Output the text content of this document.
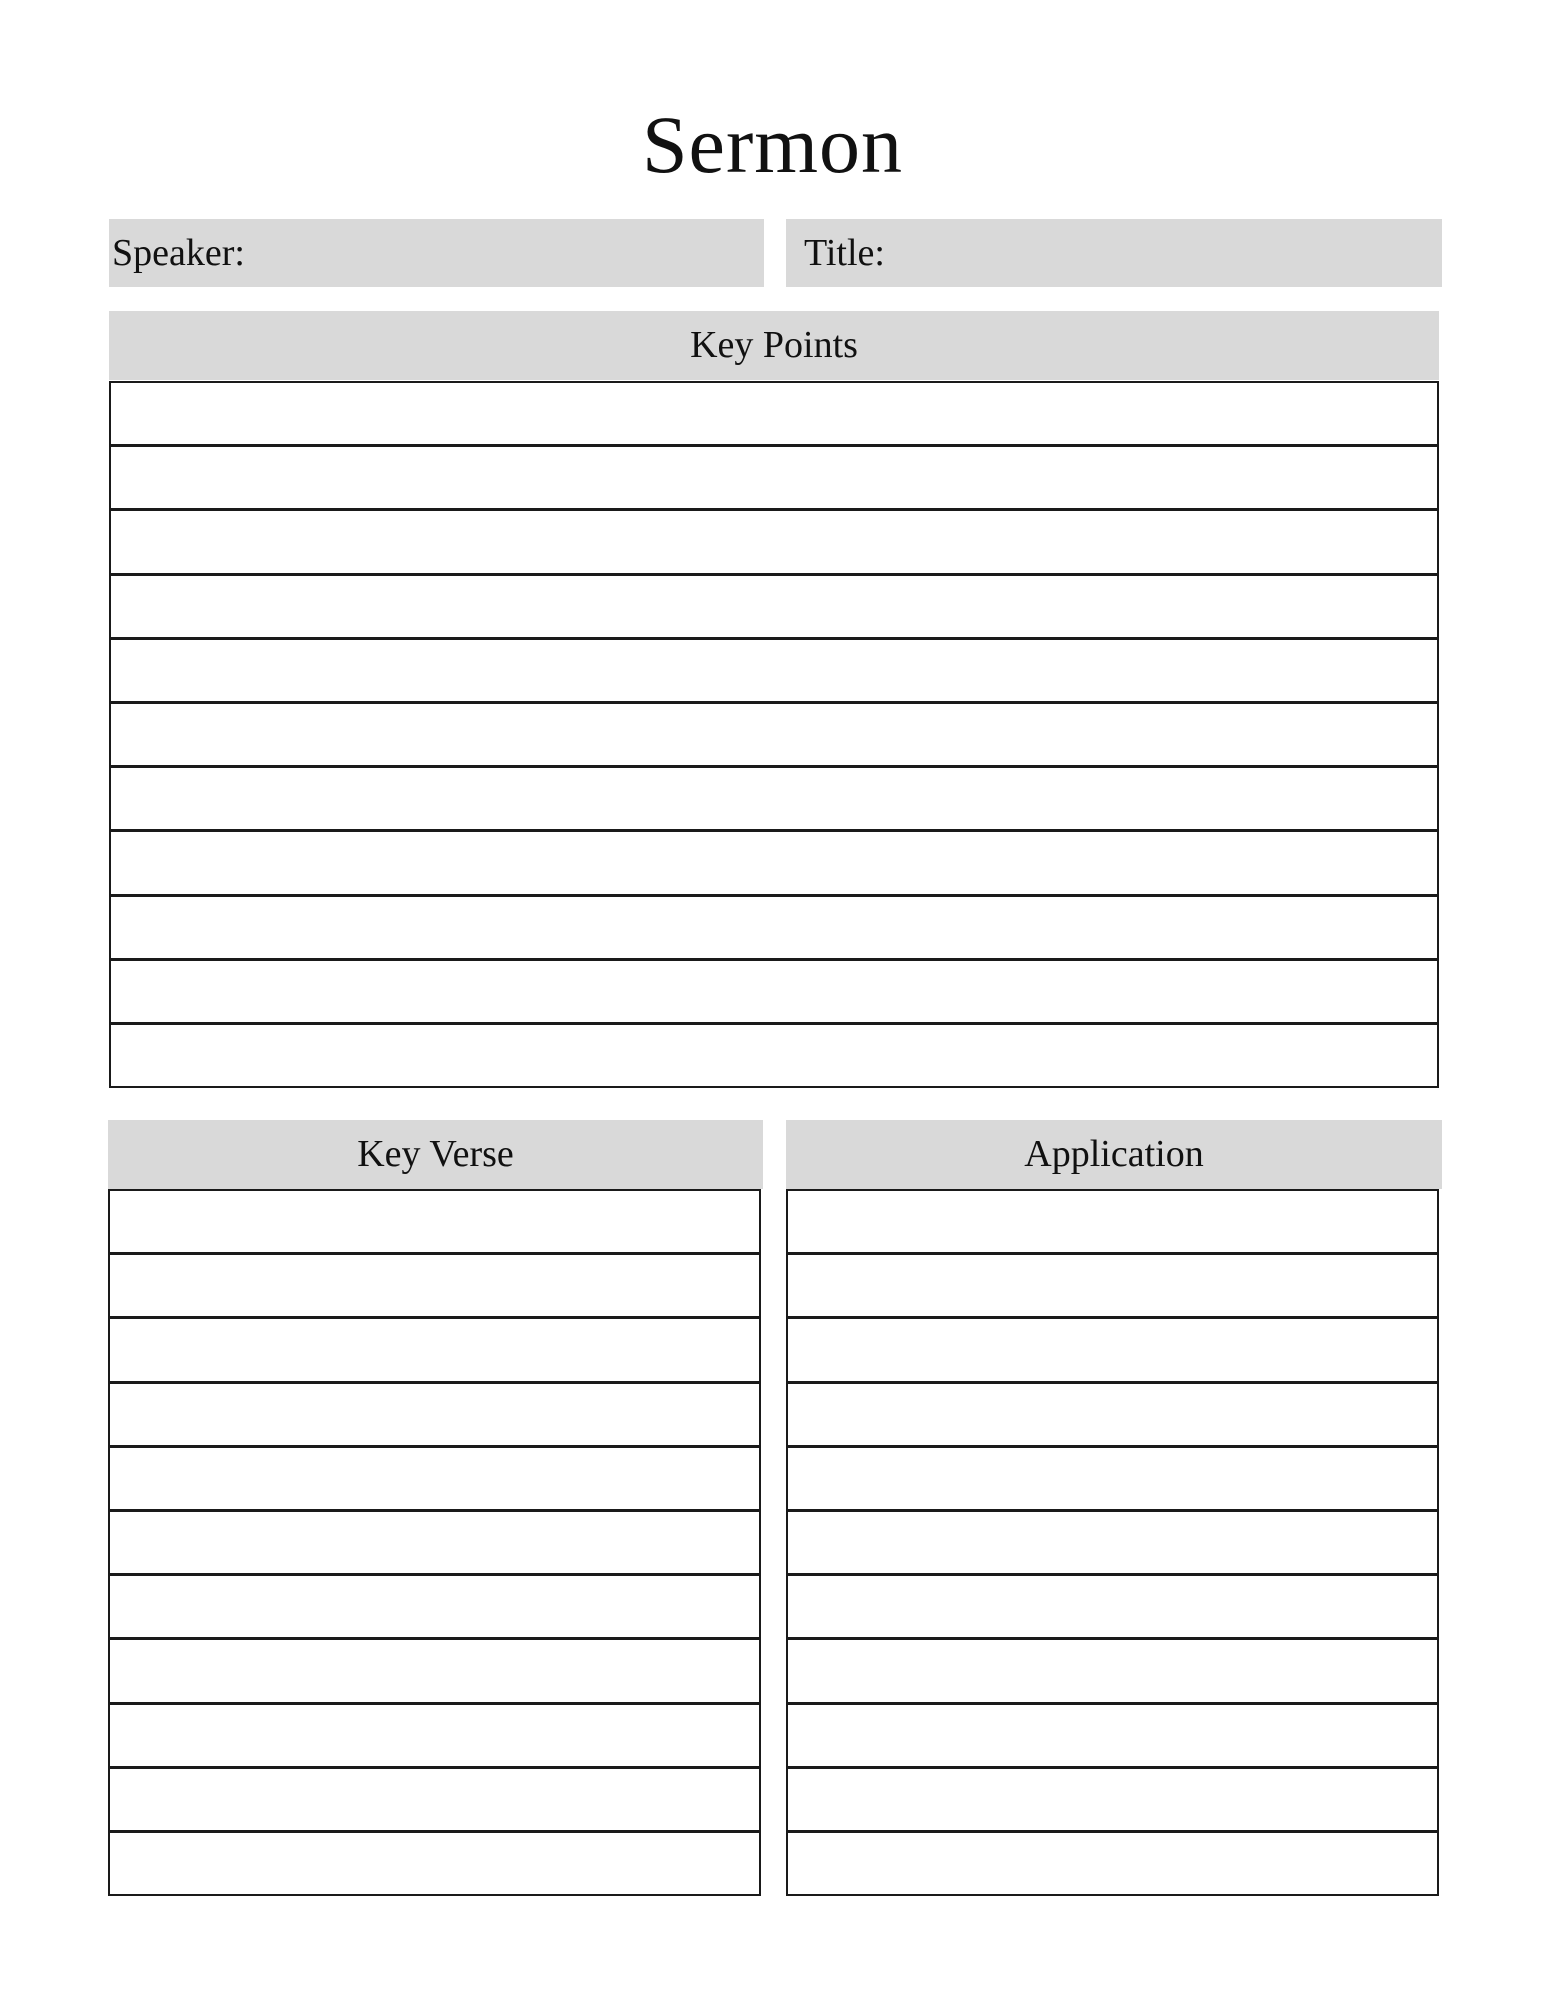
Sermon
Speaker:	Title:
Key Points
Key Verse	Application
